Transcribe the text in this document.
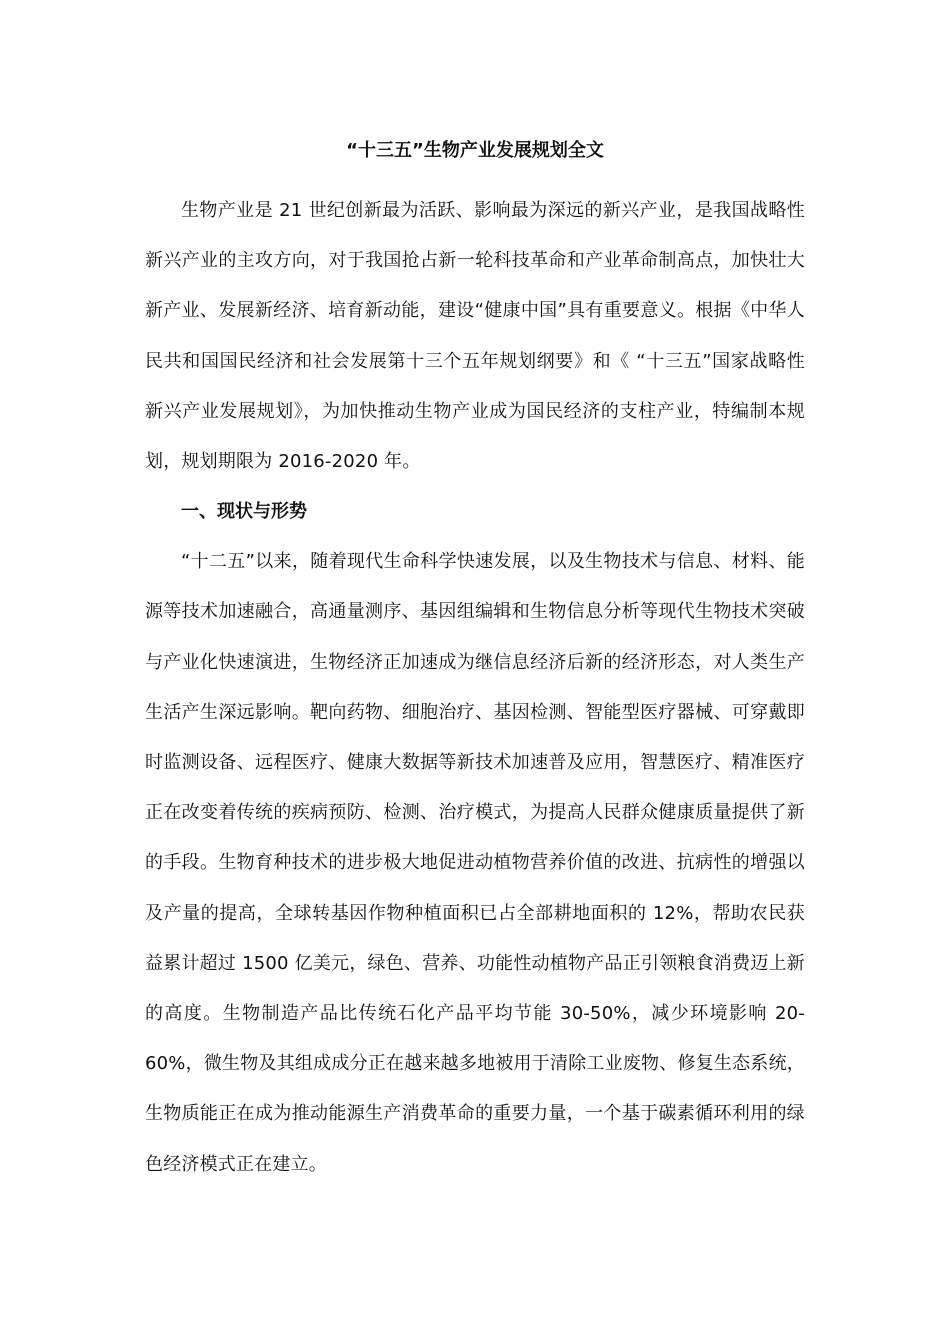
“十三五”生物产业发展规划全文

生物产业是 21 世纪创新最为活跃、影响最为深远的新兴产业，是我国战略性新兴产业的主攻方向，对于我国抢占新一轮科技革命和产业革命制高点，加快壮大新产业、发展新经济、培育新动能，建设“健康中国”具有重要意义。根据《中华人民共和国国民经济和社会发展第十三个五年规划纲要》和《 “十三五”国家战略性新兴产业发展规划》，为加快推动生物产业成为国民经济的支柱产业，特编制本规划，规划期限为 2016-2020 年。

一、现状与形势

“十二五”以来，随着现代生命科学快速发展，以及生物技术与信息、材料、能源等技术加速融合，高通量测序、基因组编辑和生物信息分析等现代生物技术突破与产业化快速演进，生物经济正加速成为继信息经济后新的经济形态，对人类生产生活产生深远影响。靶向药物、细胞治疗、基因检测、智能型医疗器械、可穿戴即时监测设备、远程医疗、健康大数据等新技术加速普及应用，智慧医疗、精准医疗正在改变着传统的疾病预防、检测、治疗模式，为提高人民群众健康质量提供了新的手段。生物育种技术的进步极大地促进动植物营养价值的改进、抗病性的增强以及产量的提高，全球转基因作物种植面积已占全部耕地面积的 12%，帮助农民获益累计超过 1500 亿美元，绿色、营养、功能性动植物产品正引领粮食消费迈上新的高度。生物制造产品比传统石化产品平均节能 30-50%，减少环境影响 20-60%，微生物及其组成成分正在越来越多地被用于清除工业废物、修复生态系统，生物质能正在成为推动能源生产消费革命的重要力量，一个基于碳素循环利用的绿色经济模式正在建立。
